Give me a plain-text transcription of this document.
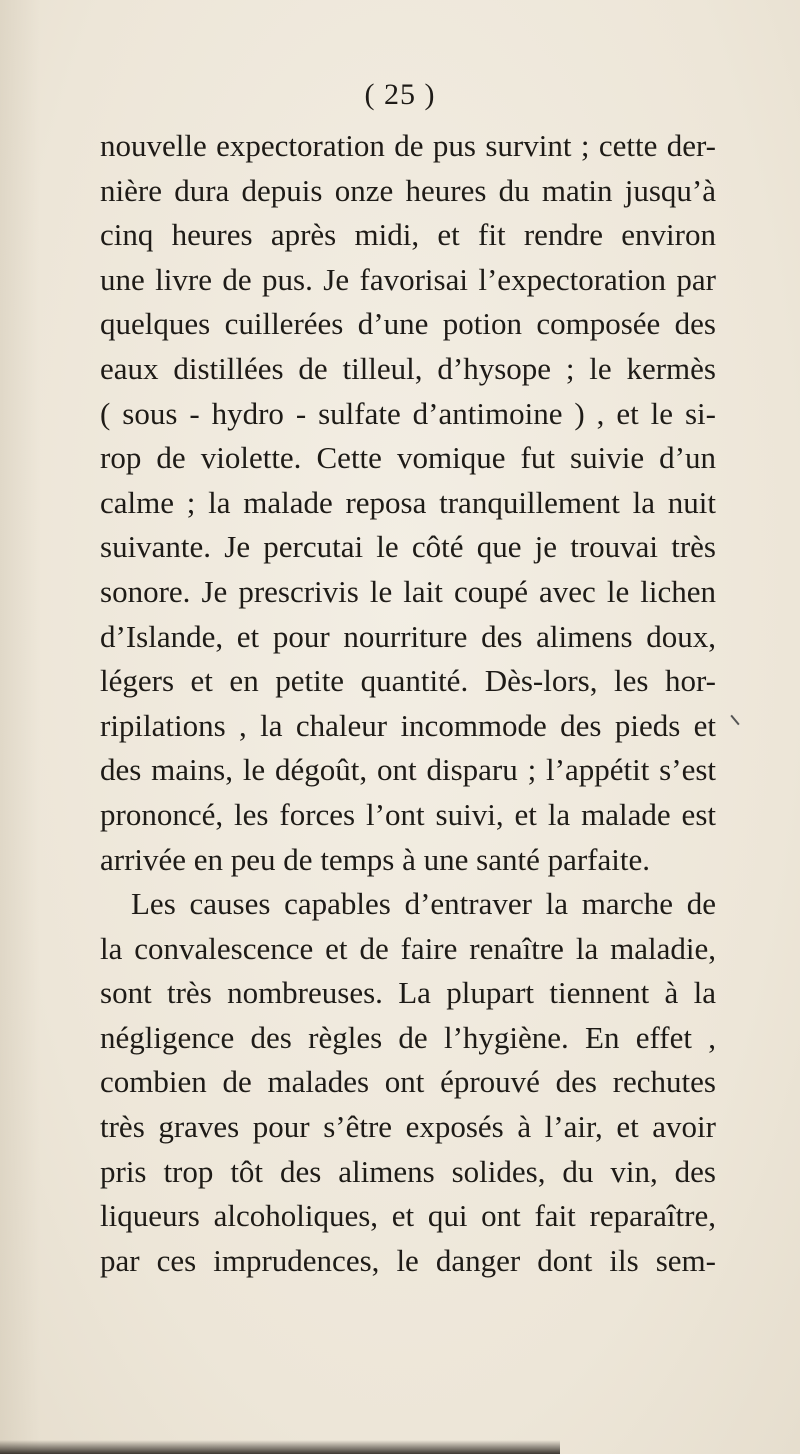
( 25 )
nouvelle expectoration de pus survint ; cette der-
nière dura depuis onze heures du matin jusqu’à
cinq heures après midi, et fit rendre environ
une livre de pus. Je favorisai l’expectoration par
quelques cuillerées d’une potion composée des
eaux distillées de tilleul, d’hysope ; le kermès
( sous - hydro - sulfate d’antimoine ) , et le si-
rop de violette. Cette vomique fut suivie d’un
calme ; la malade reposa tranquillement la nuit
suivante. Je percutai le côté que je trouvai très
sonore. Je prescrivis le lait coupé avec le lichen
d’Islande, et pour nourriture des alimens doux,
légers et en petite quantité. Dès-lors, les hor-
ripilations , la chaleur incommode des pieds et
des mains, le dégoût, ont disparu ; l’appétit s’est
prononcé, les forces l’ont suivi, et la malade est
arrivée en peu de temps à une santé parfaite.
Les causes capables d’entraver la marche de
la convalescence et de faire renaître la maladie,
sont très nombreuses. La plupart tiennent à la
négligence des règles de l’hygiène. En effet ,
combien de malades ont éprouvé des rechutes
très graves pour s’être exposés à l’air, et avoir
pris trop tôt des alimens solides, du vin, des
liqueurs alcoholiques, et qui ont fait reparaître,
par ces imprudences, le danger dont ils sem-
